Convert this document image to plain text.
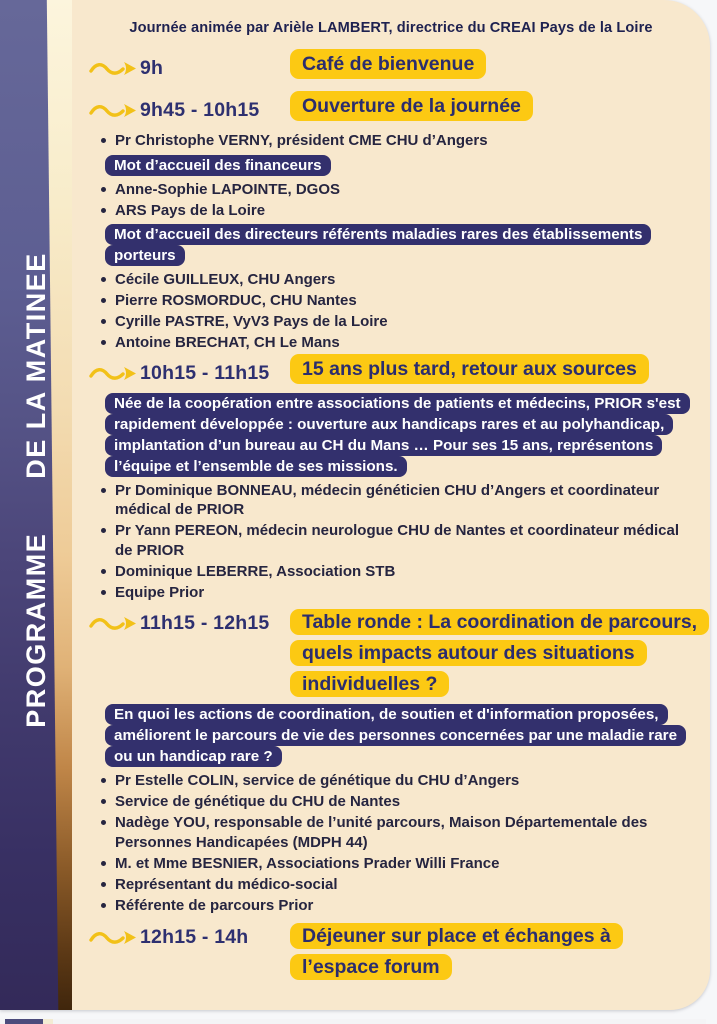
PROGRAMME
DE LA MATINEE
Journée animée par Arièle LAMBERT, directrice du CREAI Pays de la Loire
9h	Café de bienvenue
9h45 - 10h15	Ouverture de la journée
Pr Christophe VERNY, président CME CHU d’Angers
Mot d’accueil des financeurs
Anne-Sophie LAPOINTE, DGOS
ARS Pays de la Loire
Mot d’accueil des directeurs référents maladies rares des établissements porteurs
Cécile GUILLEUX, CHU Angers
Pierre ROSMORDUC, CHU Nantes
Cyrille PASTRE, VyV3 Pays de la Loire
Antoine BRECHAT, CH Le Mans
10h15 - 11h15	15 ans plus tard, retour aux sources
Née de la coopération entre associations de patients et médecins, PRIOR s'est rapidement développée : ouverture aux handicaps rares et au polyhandicap, implantation d’un bureau au CH du Mans … Pour ses 15 ans, représentons l’équipe et l’ensemble de ses missions.
Pr Dominique BONNEAU, médecin généticien CHU d’Angers et coordinateur médical de PRIOR
Pr Yann PEREON, médecin neurologue CHU de Nantes et coordinateur médical de PRIOR
Dominique LEBERRE, Association STB
Equipe Prior
11h15 - 12h15	Table ronde : La coordination de parcours, quels impacts autour des situations individuelles ?
En quoi les actions de coordination, de soutien et d'information proposées, améliorent le parcours de vie des personnes concernées par une maladie rare ou un handicap rare ?
Pr Estelle COLIN, service de génétique du CHU d’Angers
Service de génétique du CHU de Nantes
Nadège YOU, responsable de l’unité parcours, Maison Départementale des Personnes Handicapées (MDPH 44)
M. et Mme BESNIER, Associations Prader Willi France
Représentant du médico-social
Référente de parcours Prior
12h15 - 14h	Déjeuner sur place et échanges à l’espace forum
